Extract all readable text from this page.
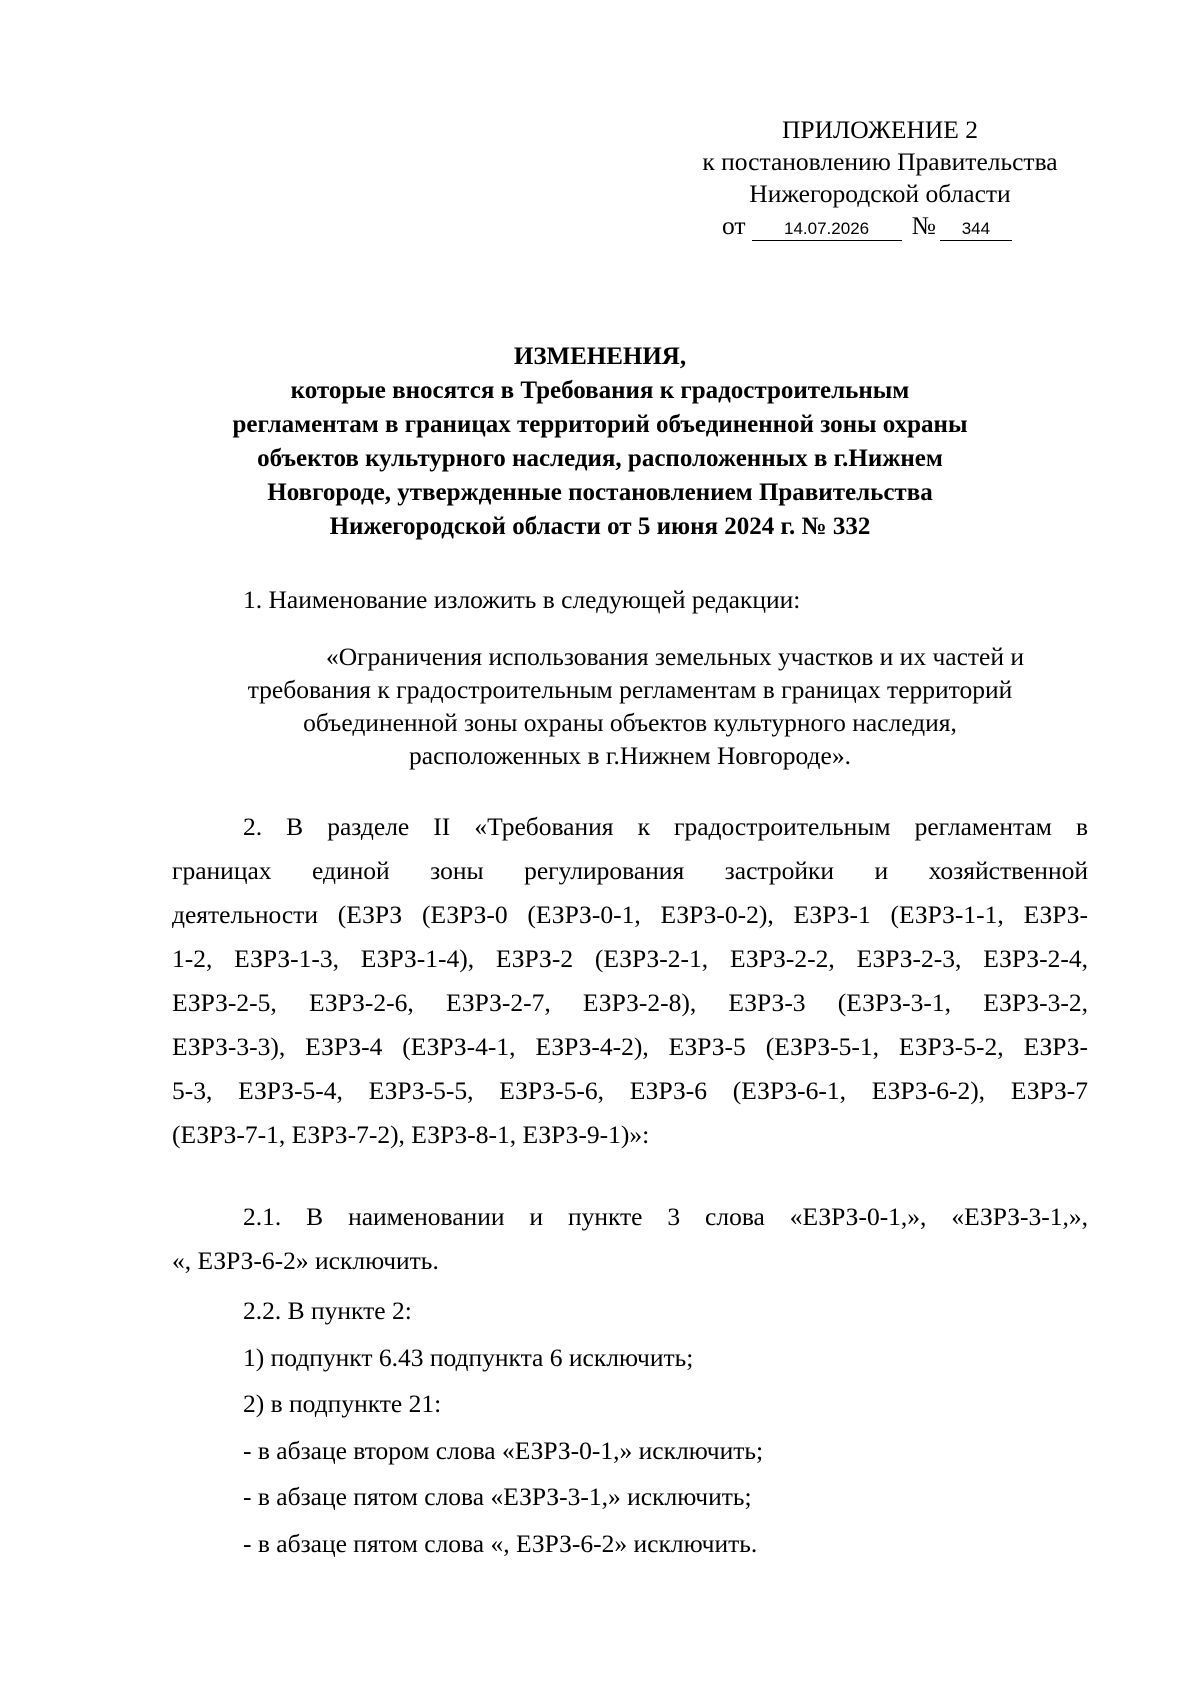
ПРИЛОЖЕНИЕ 2
к постановлению Правительства
Нижегородской области
от 14.07.2026 № 344
ИЗМЕНЕНИЯ,
которые вносятся в Требования к градостроительным
регламентам в границах территорий объединенной зоны охраны
объектов культурного наследия, расположенных в г.Нижнем
Новгороде, утвержденные постановлением Правительства
Нижегородской области от 5 июня 2024 г. № 332
1. Наименование изложить в следующей редакции:
«Ограничения использования земельных участков и их частей и
требования к градостроительным регламентам в границах территорий
объединенной зоны охраны объектов культурного наследия,
расположенных в г.Нижнем Новгороде».
2. В разделе II «Требования к градостроительным регламентам в
границах единой зоны регулирования застройки и хозяйственной
деятельности (ЕЗРЗ (ЕЗРЗ-0 (ЕЗРЗ-0-1, ЕЗРЗ-0-2), ЕЗРЗ-1 (ЕЗРЗ-1-1, ЕЗРЗ-
1-2, ЕЗРЗ-1-3, ЕЗРЗ-1-4), ЕЗРЗ-2 (ЕЗРЗ-2-1, ЕЗРЗ-2-2, ЕЗРЗ-2-3, ЕЗРЗ-2-4,
ЕЗРЗ-2-5, ЕЗРЗ-2-6, ЕЗРЗ-2-7, ЕЗРЗ-2-8), ЕЗРЗ-3 (ЕЗРЗ-3-1, ЕЗРЗ-3-2,
ЕЗРЗ-3-3), ЕЗРЗ-4 (ЕЗРЗ-4-1, ЕЗРЗ-4-2), ЕЗРЗ-5 (ЕЗРЗ-5-1, ЕЗРЗ-5-2, ЕЗРЗ-
5-3, ЕЗРЗ-5-4, ЕЗРЗ-5-5, ЕЗРЗ-5-6, ЕЗРЗ-6 (ЕЗРЗ-6-1, ЕЗРЗ-6-2), ЕЗРЗ-7
(ЕЗРЗ-7-1, ЕЗРЗ-7-2), ЕЗРЗ-8-1, ЕЗРЗ-9-1)»:
2.1. В наименовании и пункте 3 слова «ЕЗРЗ-0-1,», «ЕЗРЗ-3-1,»,
«, ЕЗРЗ-6-2» исключить.
2.2. В пункте 2:
1) подпункт 6.43 подпункта 6 исключить;
2) в подпункте 21:
- в абзаце втором слова «ЕЗРЗ-0-1,» исключить;
- в абзаце пятом слова «ЕЗРЗ-3-1,» исключить;
- в абзаце пятом слова «, ЕЗРЗ-6-2» исключить.
